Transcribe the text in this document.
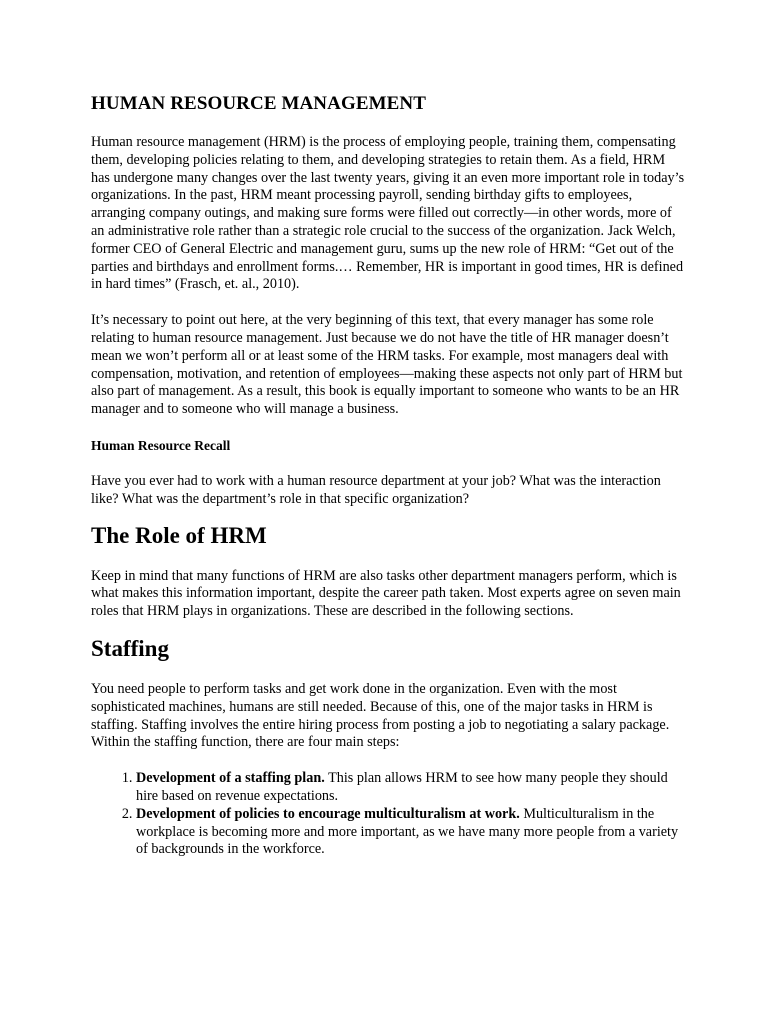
HUMAN RESOURCE MANAGEMENT

Human resource management (HRM) is the process of employing people, training them, compensating them, developing policies relating to them, and developing strategies to retain them. As a field, HRM has undergone many changes over the last twenty years, giving it an even more important role in today’s organizations. In the past, HRM meant processing payroll, sending birthday gifts to employees, arranging company outings, and making sure forms were filled out correctly—in other words, more of an administrative role rather than a strategic role crucial to the success of the organization. Jack Welch, former CEO of General Electric and management guru, sums up the new role of HRM: “Get out of the parties and birthdays and enrollment forms.… Remember, HR is important in good times, HR is defined in hard times” (Frasch, et. al., 2010).

It’s necessary to point out here, at the very beginning of this text, that every manager has some role relating to human resource management. Just because we do not have the title of HR manager doesn’t mean we won’t perform all or at least some of the HRM tasks. For example, most managers deal with compensation, motivation, and retention of employees—making these aspects not only part of HRM but also part of management. As a result, this book is equally important to someone who wants to be an HR manager and to someone who will manage a business.

Human Resource Recall

Have you ever had to work with a human resource department at your job? What was the interaction like? What was the department’s role in that specific organization?

The Role of HRM

Keep in mind that many functions of HRM are also tasks other department managers perform, which is what makes this information important, despite the career path taken. Most experts agree on seven main roles that HRM plays in organizations. These are described in the following sections.

Staffing

You need people to perform tasks and get work done in the organization. Even with the most sophisticated machines, humans are still needed. Because of this, one of the major tasks in HRM is staffing. Staffing involves the entire hiring process from posting a job to negotiating a salary package. Within the staffing function, there are four main steps:

1. Development of a staffing plan. This plan allows HRM to see how many people they should hire based on revenue expectations.
2. Development of policies to encourage multiculturalism at work. Multiculturalism in the workplace is becoming more and more important, as we have many more people from a variety of backgrounds in the workforce.
